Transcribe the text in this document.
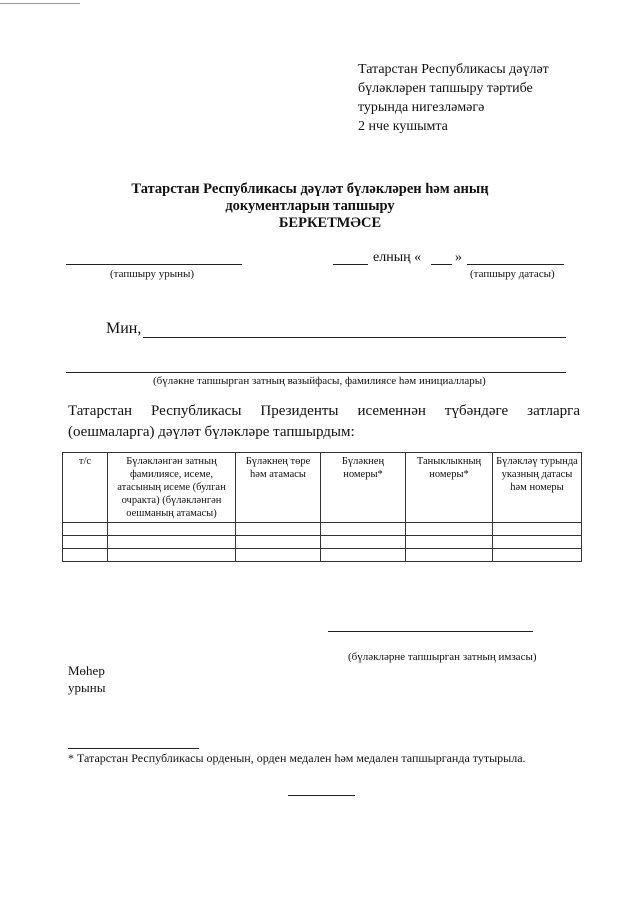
Татарстан Республикасы дәүләт
бүләкләрен тапшыру тәртибе
турында нигезләмәгә
2 нче кушымта
Татарстан Республикасы дәүләт бүләкләрен һәм аның
документларын тапшыру
БЕРКЕТМӘСЕ
(тапшыру урыны)
елның « »
(тапшыру датасы)
Мин,
(бүләкне тапшырган затның вазыйфасы, фамилиясе һәм инициаллары)
Татарстан Республикасы Президенты исеменнән түбәндәге затларга (оешмаларга) дәүләт бүләкләре тапшырдым:
т/с	Бүләкләнгән затның фамилиясе, исеме, атасының исеме (булган очракта) (бүләкләнгән оешманың атамасы)	Бүләкнең төре һәм атамасы	Бүләкнең номеры*	Таныклыкның номеры*	Бүләкләү турында указның датасы һәм номеры

(бүләкләрне тапшырган затның имзасы)
Мөһер
урыны
* Татарстан Республикасы орденын, орден медален һәм медален тапшырганда тутырыла.
